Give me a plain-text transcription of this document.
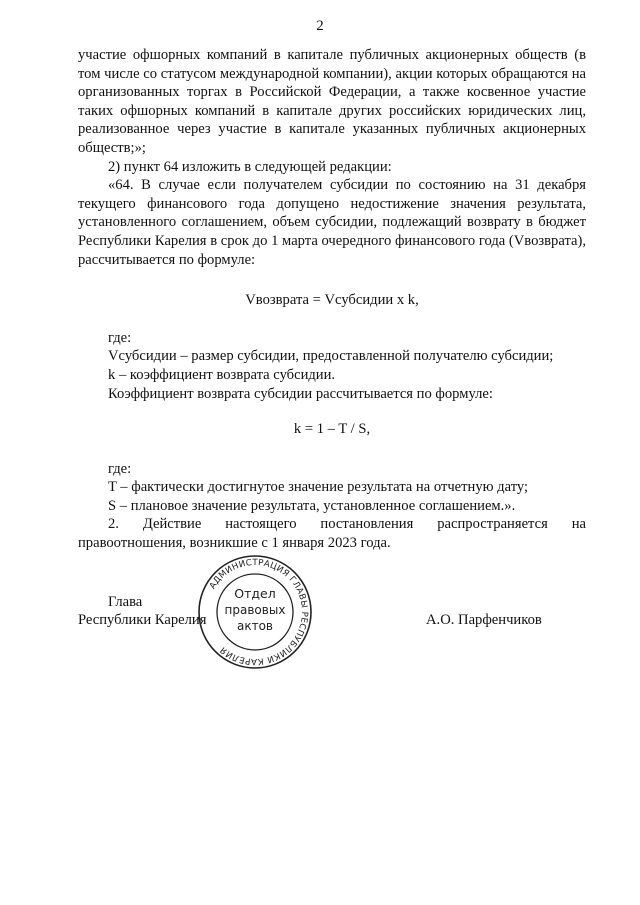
2

участие офшорных компаний в капитале публичных акционерных обществ (в том числе со статусом международной компании), акции которых обращаются на организованных торгах в Российской Федерации, а также косвенное участие таких офшорных компаний в капитале других российских юридических лиц, реализованное через участие в капитале указанных публичных акционерных обществ;»;

2) пункт 64 изложить в следующей редакции:

«64. В случае если получателем субсидии по состоянию на 31 декабря текущего финансового года допущено недостижение значения результата, установленного соглашением, объем субсидии, подлежащий возврату в бюджет Республики Карелия в срок до 1 марта очередного финансового года (Vвозврата), рассчитывается по формуле:

Vвозврата = Vсубсидии x k,

где:

Vсубсидии – размер субсидии, предоставленной получателю субсидии;

k – коэффициент возврата субсидии.

Коэффициент возврата субсидии рассчитывается по формуле:

k = 1 – T / S,

где:

T – фактически достигнутое значение результата на отчетную дату;

S – плановое значение результата, установленное соглашением.».

2. Действие настоящего постановления распространяется на

правоотношения, возникшие с 1 января 2023 года.

Глава
Республики Карелия	А.О. Парфенчиков
АДМИНИСТРАЦИЯ ГЛАВЫ РЕСПУБЛИКИ КАРЕЛИЯ
Отдел
правовых
актов
